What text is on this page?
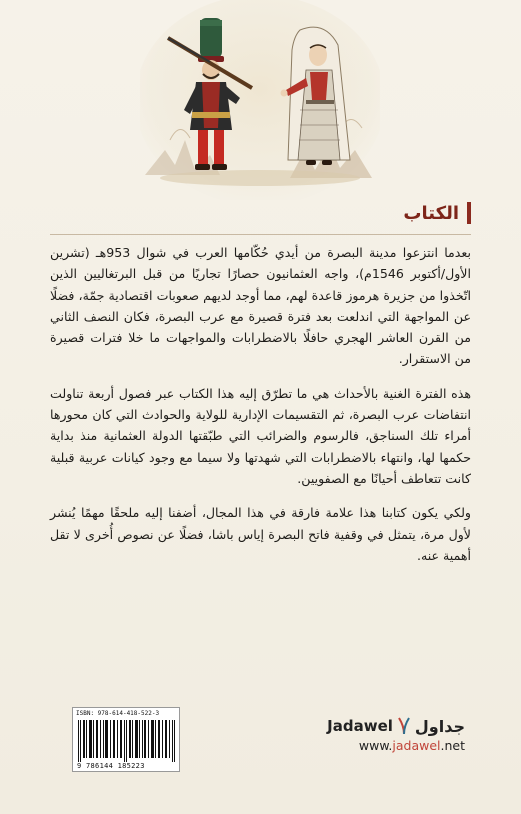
الكتاب

بعدما انتزعوا مدينة البصرة من أيدي حُكّامها العرب في شوال 953هـ (تشرين الأول/أكتوبر 1546م)، واجه العثمانيون حصارًا تجاريًا من قبل البرتغاليين الذين اتّخذوا من جزيرة هرموز قاعدة لهم، مما أوجد لديهم صعوبات اقتصادية جمّة، فضلًا عن المواجهة التي اندلعت بعد فترة قصيرة مع عرب البصرة، فكان النصف الثاني من القرن العاشر الهجري حافلًا بالاضطرابات والمواجهات ما خلا فترات قصيرة من الاستقرار.

هذه الفترة الغنية بالأحداث هي ما تطرّق إليه هذا الكتاب عبر فصول أربعة تناولت انتفاضات عرب البصرة، ثم التقسيمات الإدارية للولاية والحوادث التي كان محورها أمراء تلك السناجق، فالرسوم والضرائب التي طبّقتها الدولة العثمانية منذ بداية حكمها لها، وانتهاء بالاضطرابات التي شهدتها ولا سيما مع وجود كيانات عربية قبلية كانت تتعاطف أحيانًا مع الصفويين.

ولكي يكون كتابنا هذا علامة فارقة في هذا المجال، أضفنا إليه ملحقًا مهمًا يُنشر لأول مرة، يتمثل في وقفية فاتح البصرة إياس باشا، فضلًا عن نصوص أُخرى لا تقل أهمية عنه.

ISBN: 978-614-418-522-3
9 786144 185223
Jadawel جداول
www.jadawel.net
